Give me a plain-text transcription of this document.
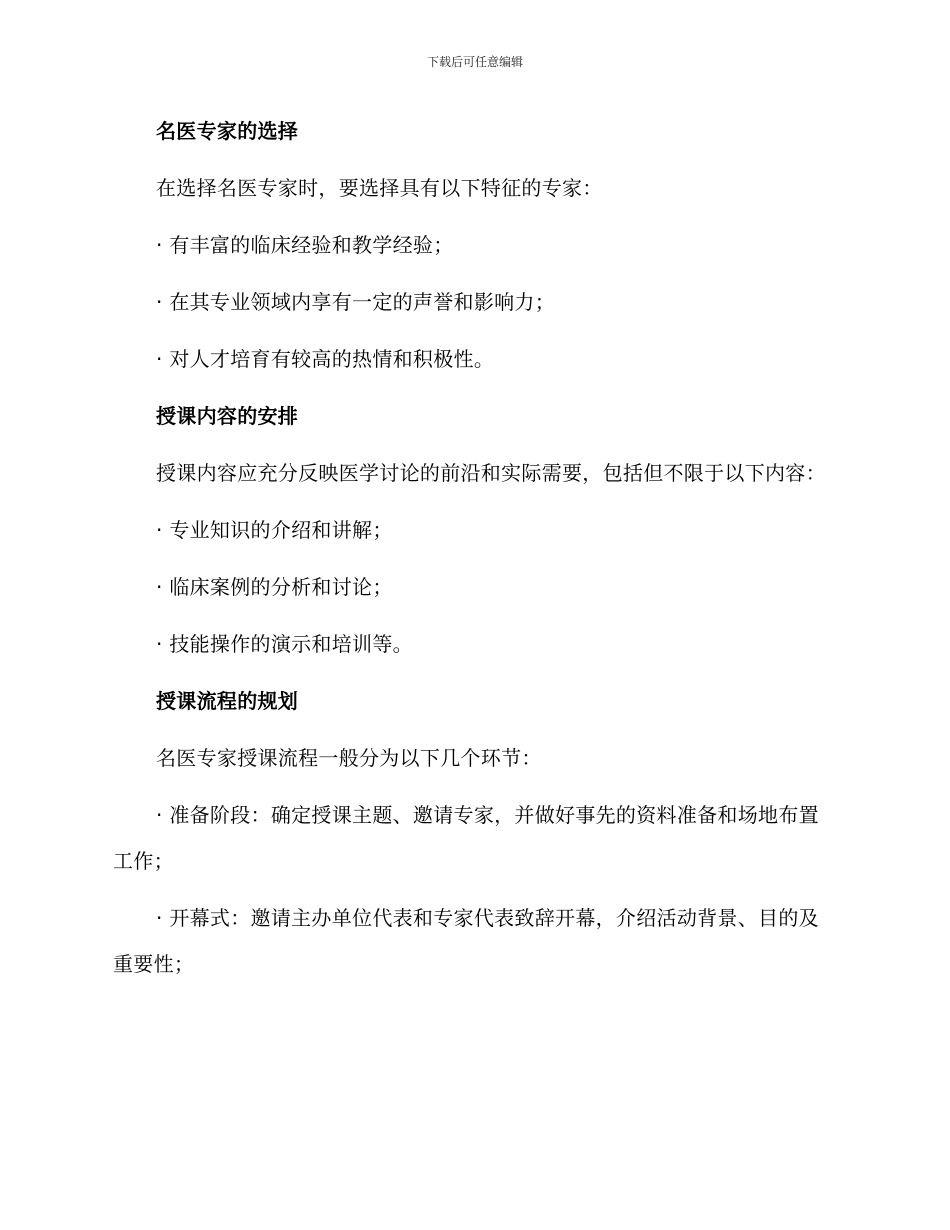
下载后可任意编辑
名医专家的选择

在选择名医专家时，要选择具有以下特征的专家：

· 有丰富的临床经验和教学经验；

· 在其专业领域内享有一定的声誉和影响力；

· 对人才培育有较高的热情和积极性。

授课内容的安排

授课内容应充分反映医学讨论的前沿和实际需要，包括但不限于以下内容：

· 专业知识的介绍和讲解；

· 临床案例的分析和讨论；

· 技能操作的演示和培训等。

授课流程的规划

名医专家授课流程一般分为以下几个环节：

· 准备阶段：确定授课主题、邀请专家，并做好事先的资料准备和场地布置工作；

· 开幕式：邀请主办单位代表和专家代表致辞开幕，介绍活动背景、目的及重要性；
